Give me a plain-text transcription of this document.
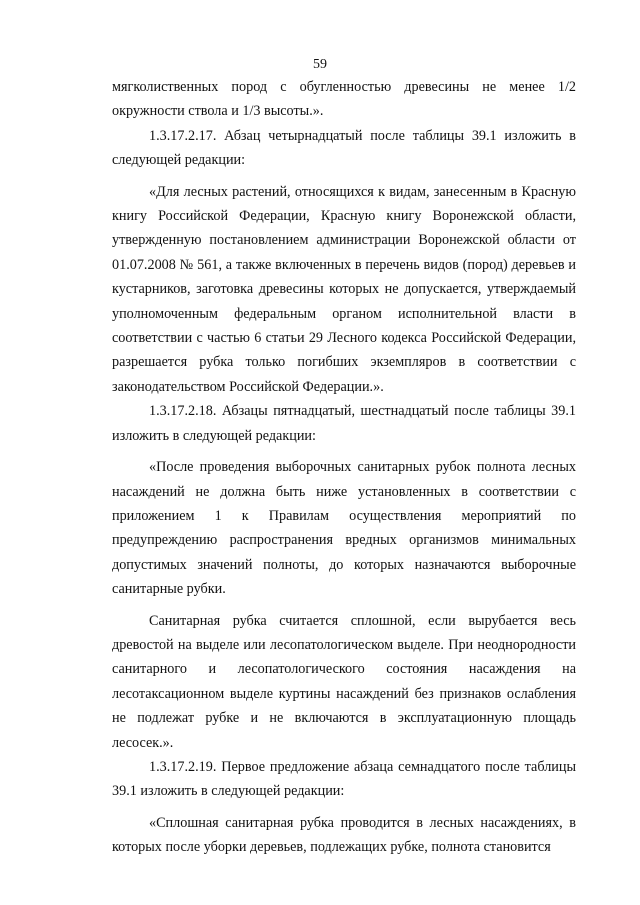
59

мягколиственных пород с обугленностью древесины не менее 1/2 окружности ствола и 1/3 высоты.».

1.3.17.2.17. Абзац четырнадцатый после таблицы 39.1 изложить в следующей редакции:

«Для лесных растений, относящихся к видам, занесенным в Красную книгу Российской Федерации, Красную книгу Воронежской области, утвержденную постановлением администрации Воронежской области от 01.07.2008 № 561, а также включенных в перечень видов (пород) деревьев и кустарников, заготовка древесины которых не допускается, утверждаемый уполномоченным федеральным органом исполнительной власти в соответствии с частью 6 статьи 29 Лесного кодекса Российской Федерации, разрешается рубка только погибших экземпляров в соответствии с законодательством Российской Федерации.».

1.3.17.2.18. Абзацы пятнадцатый, шестнадцатый после таблицы 39.1 изложить в следующей редакции:

«После проведения выборочных санитарных рубок полнота лесных насаждений не должна быть ниже установленных в соответствии с приложением 1 к Правилам осуществления мероприятий по предупреждению распространения вредных организмов минимальных допустимых значений полноты, до которых назначаются выборочные санитарные рубки.

Санитарная рубка считается сплошной, если вырубается весь древостой на выделе или лесопатологическом выделе. При неоднородности санитарного и лесопатологического состояния насаждения на лесотаксационном выделе куртины насаждений без признаков ослабления не подлежат рубке и не включаются в эксплуатационную площадь лесосек.».

1.3.17.2.19. Первое предложение абзаца семнадцатого после таблицы 39.1 изложить в следующей редакции:

«Сплошная санитарная рубка проводится в лесных насаждениях, в которых после уборки деревьев, подлежащих рубке, полнота становится
